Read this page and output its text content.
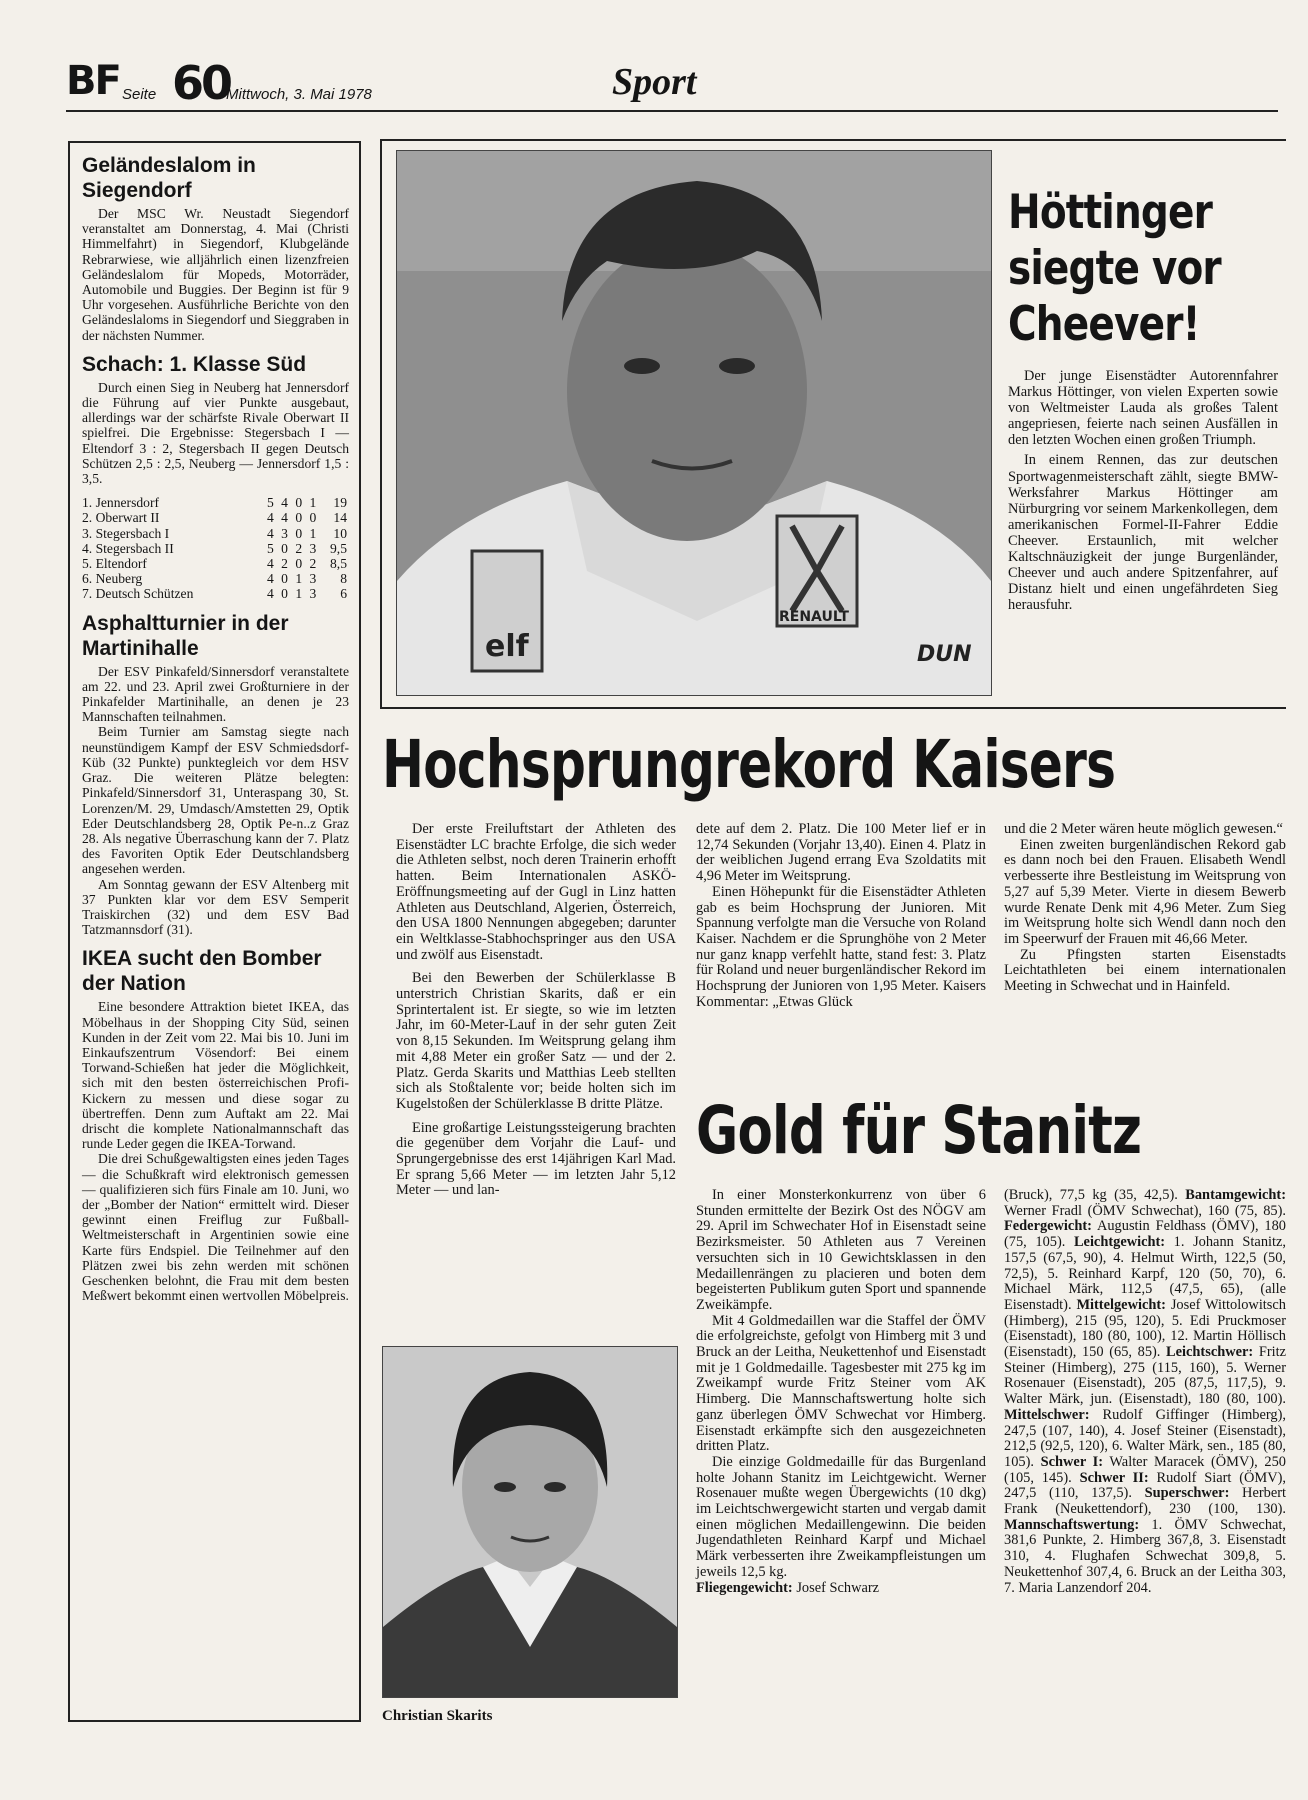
BF Seite 60
Mittwoch, 3. Mai 1978	Sport
Geländeslalom in Siegendorf
Der MSC Wr. Neustadt Siegendorf veranstaltet am Donnerstag, 4. Mai (Christi Himmelfahrt) in Siegendorf, Klubgelände Rebrarwiese, wie alljährlich einen lizenzfreien Geländeslalom für Mopeds, Motorräder, Automobile und Buggies. Der Beginn ist für 9 Uhr vorgesehen. Ausführliche Berichte von den Geländeslaloms in Siegendorf und Sieggraben in der nächsten Nummer.
Schach: 1. Klasse Süd
Durch einen Sieg in Neuberg hat Jennersdorf die Führung auf vier Punkte ausgebaut, allerdings war der schärfste Rivale Oberwart II spielfrei. Die Ergebnisse: Stegersbach I — Eltendorf 3 : 2, Stegersbach II gegen Deutsch Schützen 2,5 : 2,5, Neuberg — Jennersdorf 1,5 : 3,5.
1. Jennersdorf	5	4	0	1	19
2. Oberwart II	4	4	0	0	14
3. Stegersbach I	4	3	0	1	10
4. Stegersbach II	5	0	2	3	9,5
5. Eltendorf	4	2	0	2	8,5
6. Neuberg	4	0	1	3	8
7. Deutsch Schützen	4	0	1	3	6
Asphaltturnier in der Martinihalle

Der ESV Pinkafeld/Sinnersdorf veranstaltete am 22. und 23. April zwei Großturniere in der Pinkafelder Martinihalle, an denen je 23 Mannschaften teilnahmen.

Beim Turnier am Samstag siegte nach neunstündigem Kampf der ESV Schmiedsdorf-Küb (32 Punkte) punktegleich vor dem HSV Graz. Die weiteren Plätze belegten: Pinkafeld/Sinnersdorf 31, Unteraspang 30, St. Lorenzen/M. 29, Umdasch/Amstetten 29, Optik Eder Deutschlandsberg 28, Optik Pe-n..z Graz 28. Als negative Überraschung kann der 7. Platz des Favoriten Optik Eder Deutschlandsberg angesehen werden.

Am Sonntag gewann der ESV Altenberg mit 37 Punkten klar vor dem ESV Semperit Traiskirchen (32) und dem ESV Bad Tatzmannsdorf (31).

IKEA sucht den Bomber der Nation

Eine besondere Attraktion bietet IKEA, das Möbelhaus in der Shopping City Süd, seinen Kunden in der Zeit vom 22. Mai bis 10. Juni im Einkaufszentrum Vösendorf: Bei einem Torwand-Schießen hat jeder die Möglichkeit, sich mit den besten österreichischen Profi-Kickern zu messen und diese sogar zu übertreffen. Denn zum Auftakt am 22. Mai drischt die komplete Nationalmannschaft das runde Leder gegen die IKEA-Torwand.

Die drei Schußgewaltigsten eines jeden Tages — die Schußkraft wird elektronisch gemessen — qualifizieren sich fürs Finale am 10. Juni, wo der „Bomber der Nation“ ermittelt wird. Dieser gewinnt einen Freiflug zur Fußball-Weltmeisterschaft in Argentinien sowie eine Karte fürs Endspiel. Die Teilnehmer auf den Plätzen zwei bis zehn werden mit schönen Geschenken belohnt, die Frau mit dem besten Meßwert bekommt einen wertvollen Möbelpreis.

elf
RENAULT
DUN
Höttinger
siegte vor
Cheever!

Der junge Eisenstädter Autorennfahrer Markus Höttinger, von vielen Experten sowie von Weltmeister Lauda als großes Talent angepriesen, feierte nach seinen Ausfällen in den letzten Wochen einen großen Triumph.

In einem Rennen, das zur deutschen Sportwagenmeisterschaft zählt, siegte BMW-Werksfahrer Markus Höttinger am Nürburgring vor seinem Markenkollegen, dem amerikanischen Formel-II-Fahrer Eddie Cheever. Erstaunlich, mit welcher Kaltschnäuzigkeit der junge Burgenländer, Cheever und auch andere Spitzenfahrer, auf Distanz hielt und einen ungefährdeten Sieg herausfuhr.

Hochsprungrekord Kaisers

Der erste Freiluftstart der Athleten des Eisenstädter LC brachte Erfolge, die sich weder die Athleten selbst, noch deren Trainerin erhofft hatten. Beim Internationalen ASKÖ-Eröffnungsmeeting auf der Gugl in Linz hatten Athleten aus Deutschland, Algerien, Österreich, den USA 1800 Nennungen abgegeben; darunter ein Weltklasse-Stabhochspringer aus den USA und zwölf aus Eisenstadt.

Bei den Bewerben der Schülerklasse B unterstrich Christian Skarits, daß er ein Sprintertalent ist. Er siegte, so wie im letzten Jahr, im 60-Meter-Lauf in der sehr guten Zeit von 8,15 Sekunden. Im Weitsprung gelang ihm mit 4,88 Meter ein großer Satz — und der 2. Platz. Gerda Skarits und Matthias Leeb stellten sich als Stoßtalente vor; beide holten sich im Kugelstoßen der Schülerklasse B dritte Plätze.

Eine großartige Leistungssteigerung brachten die gegenüber dem Vorjahr die Lauf- und Sprungergebnisse des erst 14jährigen Karl Mad. Er sprang 5,66 Meter — im letzten Jahr 5,12 Meter — und lan-

dete auf dem 2. Platz. Die 100 Meter lief er in 12,74 Sekunden (Vorjahr 13,40). Einen 4. Platz in der weiblichen Jugend errang Eva Szoldatits mit 4,96 Meter im Weitsprung.

Einen Höhepunkt für die Eisenstädter Athleten gab es beim Hochsprung der Junioren. Mit Spannung verfolgte man die Versuche von Roland Kaiser. Nachdem er die Sprunghöhe von 2 Meter nur ganz knapp verfehlt hatte, stand fest: 3. Platz für Roland und neuer burgenländischer Rekord im Hochsprung der Junioren von 1,95 Meter. Kaisers Kommentar: „Etwas Glück

und die 2 Meter wären heute möglich gewesen.“

Einen zweiten burgenländischen Rekord gab es dann noch bei den Frauen. Elisabeth Wendl verbesserte ihre Bestleistung im Weitsprung von 5,27 auf 5,39 Meter. Vierte in diesem Bewerb wurde Renate Denk mit 4,96 Meter. Zum Sieg im Weitsprung holte sich Wendl dann noch den im Speerwurf der Frauen mit 46,66 Meter.

Zu Pfingsten starten Eisenstadts Leichtathleten bei einem internationalen Meeting in Schwechat und in Hainfeld.

Christian Skarits
Gold für Stanitz

In einer Monsterkonkurrenz von über 6 Stunden ermittelte der Bezirk Ost des NÖGV am 29. April im Schwechater Hof in Eisenstadt seine Bezirksmeister. 50 Athleten aus 7 Vereinen versuchten sich in 10 Gewichtsklassen in den Medaillenrängen zu placieren und boten dem begeisterten Publikum guten Sport und spannende Zweikämpfe.

Mit 4 Goldmedaillen war die Staffel der ÖMV die erfolgreichste, gefolgt von Himberg mit 3 und Bruck an der Leitha, Neukettenhof und Eisenstadt mit je 1 Goldmedaille. Tagesbester mit 275 kg im Zweikampf wurde Fritz Steiner vom AK Himberg. Die Mannschaftswertung holte sich ganz überlegen ÖMV Schwechat vor Himberg. Eisenstadt erkämpfte sich den ausgezeichneten dritten Platz.

Die einzige Goldmedaille für das Burgenland holte Johann Stanitz im Leichtgewicht. Werner Rosenauer mußte wegen Übergewichts (10 dkg) im Leichtschwergewicht starten und vergab damit einen möglichen Medaillengewinn. Die beiden Jugendathleten Reinhard Karpf und Michael Märk verbesserten ihre Zweikampfleistungen um jeweils 12,5 kg.

Fliegengewicht: Josef Schwarz

(Bruck), 77,5 kg (35, 42,5). Bantamgewicht: Werner Fradl (ÖMV Schwechat), 160 (75, 85). Federgewicht: Augustin Feldhass (ÖMV), 180 (75, 105). Leichtgewicht: 1. Johann Stanitz, 157,5 (67,5, 90), 4. Helmut Wirth, 122,5 (50, 72,5), 5. Reinhard Karpf, 120 (50, 70), 6. Michael Märk, 112,5 (47,5, 65), (alle Eisenstadt). Mittelgewicht: Josef Wittolowitsch (Himberg), 215 (95, 120), 5. Edi Pruckmoser (Eisenstadt), 180 (80, 100), 12. Martin Höllisch (Eisenstadt), 150 (65, 85). Leichtschwer: Fritz Steiner (Himberg), 275 (115, 160), 5. Werner Rosenauer (Eisenstadt), 205 (87,5, 117,5), 9. Walter Märk, jun. (Eisenstadt), 180 (80, 100). Mittelschwer: Rudolf Giffinger (Himberg), 247,5 (107, 140), 4. Josef Steiner (Eisenstadt), 212,5 (92,5, 120), 6. Walter Märk, sen., 185 (80, 105). Schwer I: Walter Maracek (ÖMV), 250 (105, 145). Schwer II: Rudolf Siart (ÖMV), 247,5 (110, 137,5). Superschwer: Herbert Frank (Neukettendorf), 230 (100, 130). Mannschaftswertung: 1. ÖMV Schwechat, 381,6 Punkte, 2. Himberg 367,8, 3. Eisenstadt 310, 4. Flughafen Schwechat 309,8, 5. Neukettenhof 307,4, 6. Bruck an der Leitha 303, 7. Maria Lanzendorf 204.
